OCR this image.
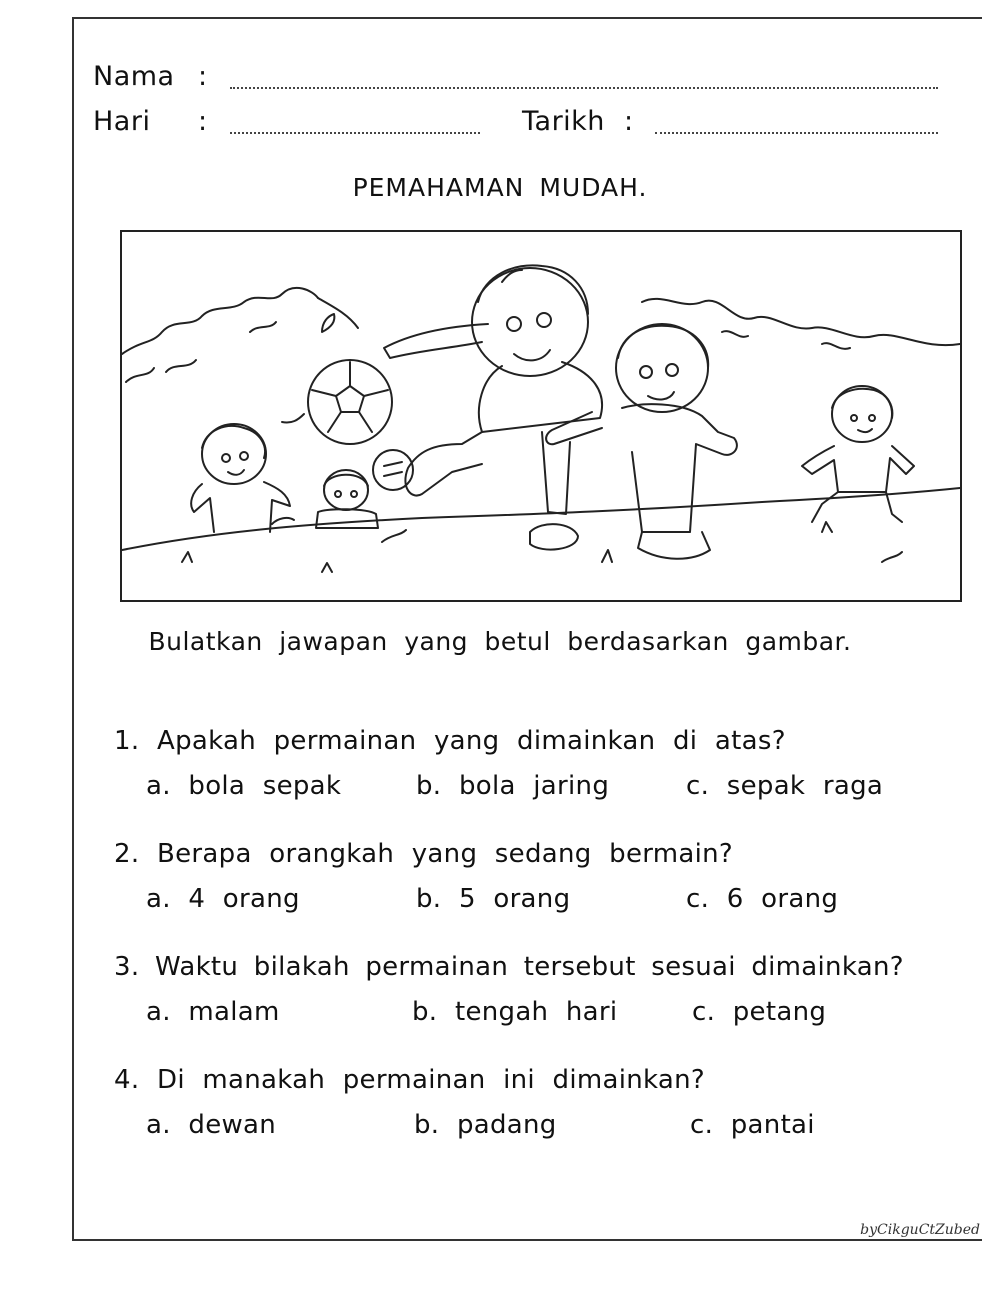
Nama :
Hari :	Tarikh :
PEMAHAMAN MUDAH.
Bulatkan jawapan yang betul berdasarkan gambar.
1. Apakah permainan yang dimainkan di atas?
a. bola sepak	b. bola jaring	c. sepak raga
2. Berapa orangkah yang sedang bermain?
a. 4 orang	b. 5 orang	c. 6 orang
3. Waktu bilakah permainan tersebut sesuai dimainkan?
a. malam	b. tengah hari	c. petang
4. Di manakah permainan ini dimainkan?
a. dewan	b. padang	c. pantai
byCikguCtZubed
